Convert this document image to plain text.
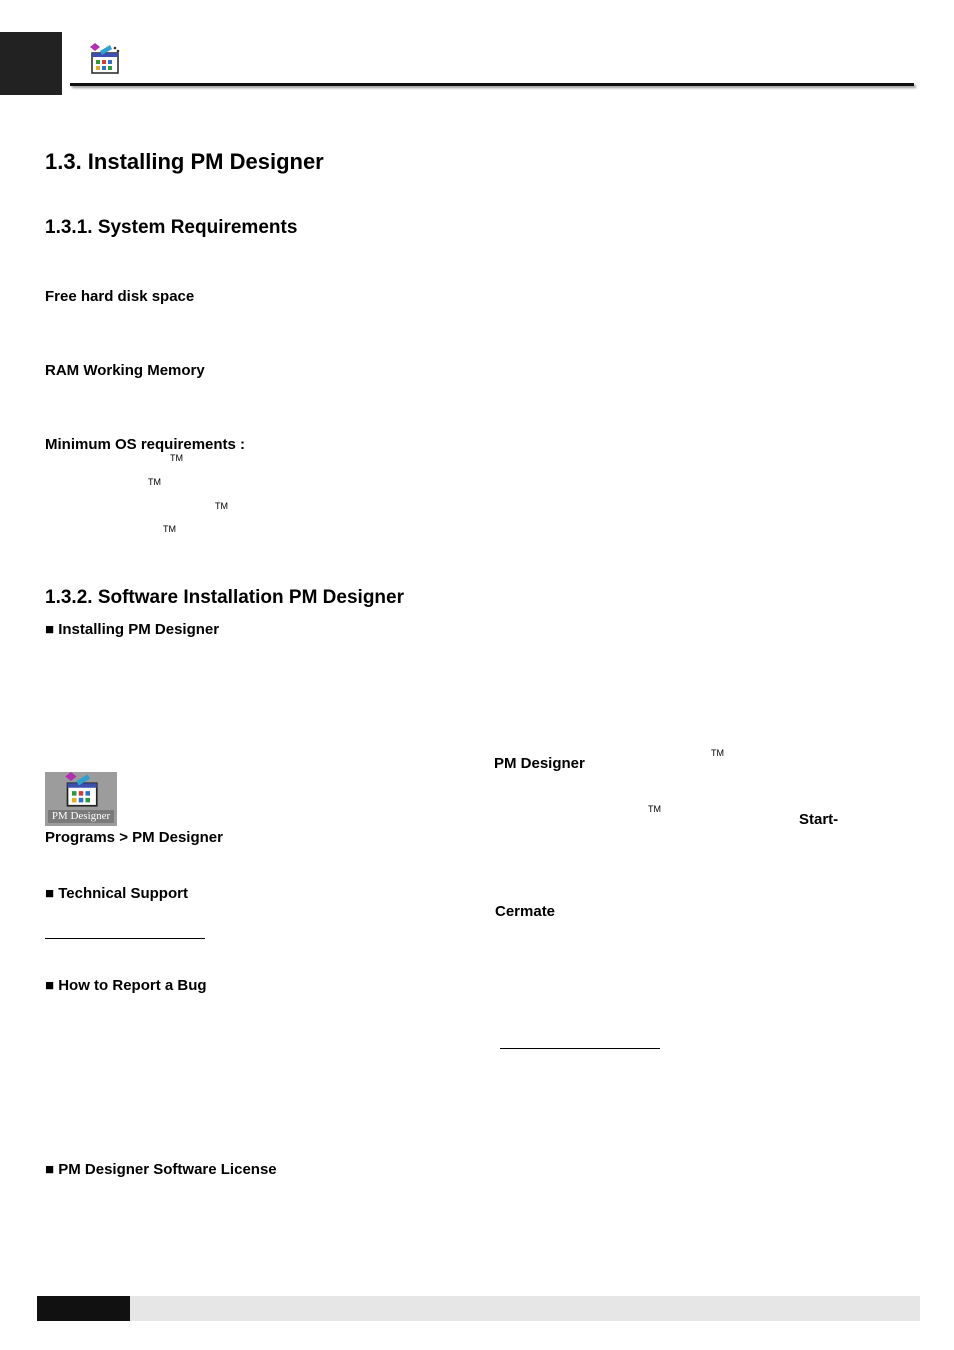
1.3. Installing PM Designer
1.3.1. System Requirements
Free hard disk space
RAM Working Memory
Minimum OS requirements :
TM
TM
TM
TM
1.3.2. Software Installation PM Designer
■ Installing PM Designer
PM Designer
PM Designer
TM
TM
Start-
Programs > PM Designer
■ Technical Support
Cermate
■ How to Report a Bug
■ PM Designer Software License
